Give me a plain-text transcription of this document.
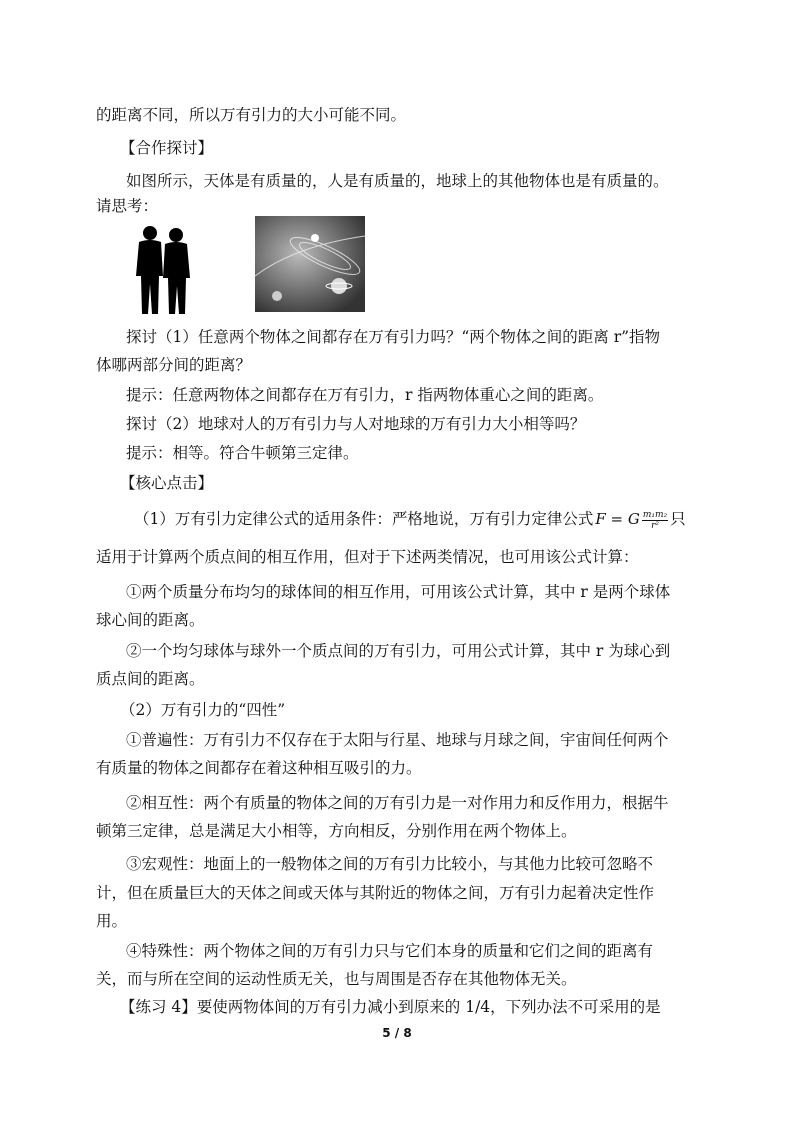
的距离不同，所以万有引力的大小可能不同。
【合作探讨】
如图所示，天体是有质量的，人是有质量的，地球上的其他物体也是有质量的。
请思考：
探讨（1）任意两个物体之间都存在万有引力吗？“两个物体之间的距离 r”指物
体哪两部分间的距离？
提示：任意两物体之间都存在万有引力，r 指两物体重心之间的距离。
探讨（2）地球对人的万有引力与人对地球的万有引力大小相等吗？
提示：相等。符合牛顿第三定律。
【核心点击】
（1）万有引力定律公式的适用条件：严格地说，万有引力定律公式 F = G $\frac{\text{m₁m₂}}{\text{r²}}$ 只
适用于计算两个质点间的相互作用，但对于下述两类情况，也可用该公式计算：
①两个质量分布均匀的球体间的相互作用，可用该公式计算，其中 r 是两个球体
球心间的距离。
②一个均匀球体与球外一个质点间的万有引力，可用公式计算，其中 r 为球心到
质点间的距离。
（2）万有引力的“四性”
①普遍性：万有引力不仅存在于太阳与行星、地球与月球之间，宇宙间任何两个
有质量的物体之间都存在着这种相互吸引的力。
②相互性：两个有质量的物体之间的万有引力是一对作用力和反作用力，根据牛
顿第三定律，总是满足大小相等，方向相反，分别作用在两个物体上。
③宏观性：地面上的一般物体之间的万有引力比较小，与其他力比较可忽略不
计，但在质量巨大的天体之间或天体与其附近的物体之间，万有引力起着决定性作
用。
④特殊性：两个物体之间的万有引力只与它们本身的质量和它们之间的距离有
关，而与所在空间的运动性质无关，也与周围是否存在其他物体无关。
【练习 4】要使两物体间的万有引力减小到原来的 1/4，下列办法不可采用的是
5 / 8
